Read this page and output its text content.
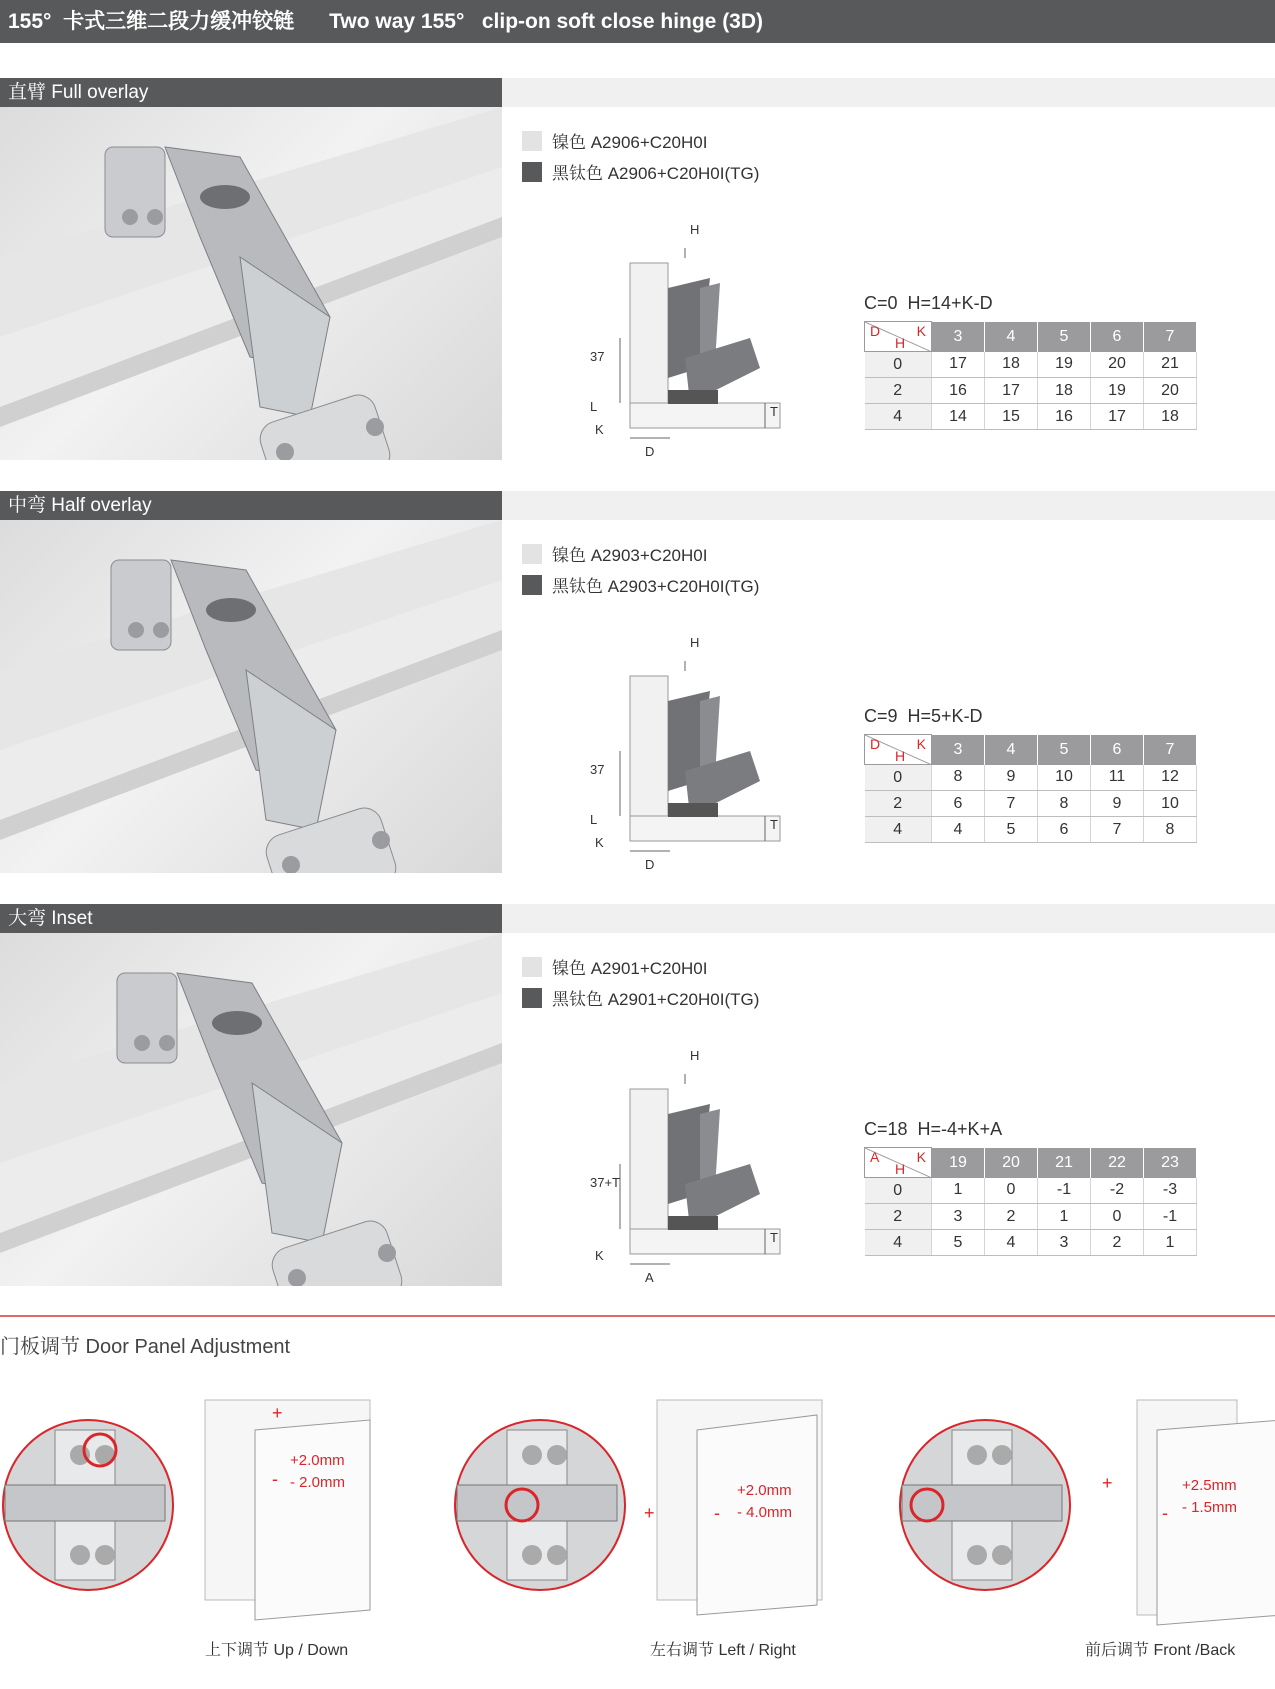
155°  卡式三维二段力缓冲铰链      Two way 155°   clip-on soft close hinge (3D)
直臂 Full overlay
镍色 A2906+C20H0I
黑钛色 A2906+C20H0I(TG)
H
37
L
K
D
T
C=0  H=14+K-D
D K
H	3	4	5	6	7
0	17	18	19	20	21
2	16	17	18	19	20
4	14	15	16	17	18
中弯 Half overlay
镍色 A2903+C20H0I
黑钛色 A2903+C20H0I(TG)
H
37
L
K
D
T
C=9  H=5+K-D
D K
H	3	4	5	6	7
0	8	9	10	11	12
2	6	7	8	9	10
4	4	5	6	7	8
大弯 Inset
镍色 A2901+C20H0I
黑钛色 A2901+C20H0I(TG)
H
37+T
K
A
T
C=18  H=-4+K+A
A K
H	19	20	21	22	23
0	1	0	-1	-2	-3
2	3	2	1	0	-1
4	5	4	3	2	1
门板调节 Door Panel Adjustment
上下调节 Up / Down
+2.0mm
- 2.0mm
+
-
左右调节 Left / Right
+2.0mm
- 4.0mm
+	-
前后调节 Front /Back
+2.5mm
- 1.5mm
+
-
